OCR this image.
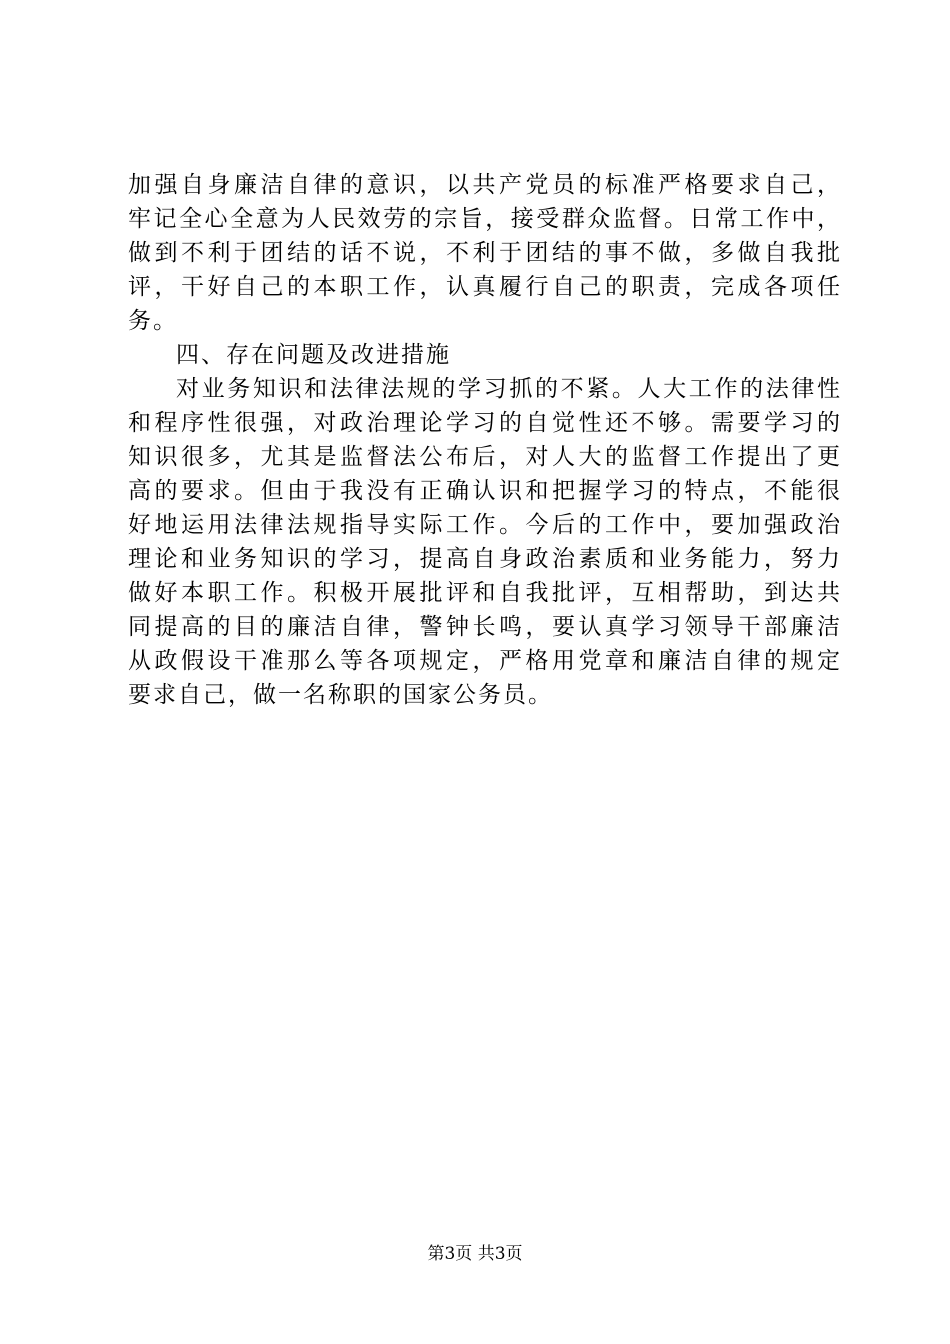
加强自身廉洁自律的意识，以共产党员的标准严格要求自己，
牢记全心全意为人民效劳的宗旨，接受群众监督。日常工作中，
做到不利于团结的话不说，不利于团结的事不做，多做自我批
评，干好自己的本职工作，认真履行自己的职责，完成各项任
务。
四、存在问题及改进措施
对业务知识和法律法规的学习抓的不紧。人大工作的法律性
和程序性很强，对政治理论学习的自觉性还不够。需要学习的
知识很多，尤其是监督法公布后，对人大的监督工作提出了更
高的要求。但由于我没有正确认识和把握学习的特点，不能很
好地运用法律法规指导实际工作。今后的工作中，要加强政治
理论和业务知识的学习，提高自身政治素质和业务能力，努力
做好本职工作。积极开展批评和自我批评，互相帮助，到达共
同提高的目的廉洁自律，警钟长鸣，要认真学习领导干部廉洁
从政假设干准那么等各项规定，严格用党章和廉洁自律的规定
要求自己，做一名称职的国家公务员。
第3页 共3页
